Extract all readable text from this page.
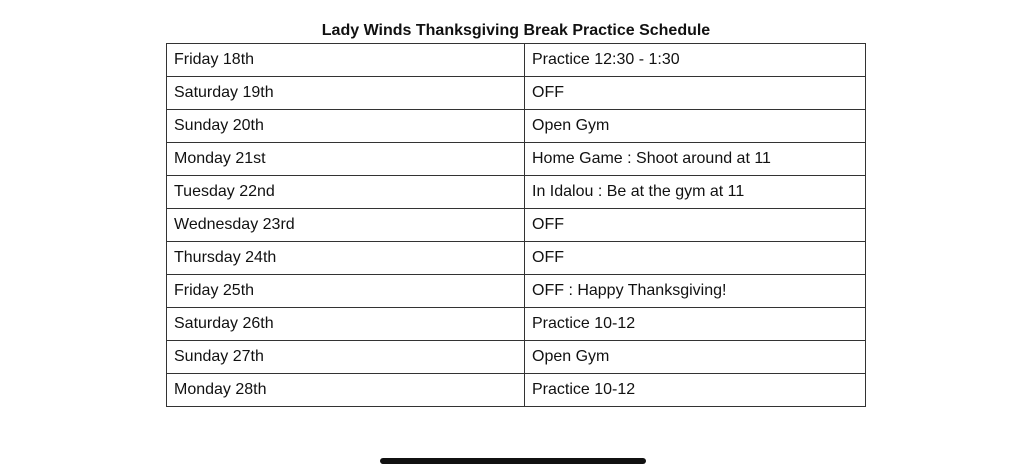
Lady Winds Thanksgiving Break Practice Schedule
Friday 18th	Practice 12:30 - 1:30
Saturday 19th	OFF
Sunday 20th	Open Gym
Monday 21st	Home Game : Shoot around at 11
Tuesday 22nd	In Idalou : Be at the gym at 11
Wednesday 23rd	OFF
Thursday 24th	OFF
Friday 25th	OFF : Happy Thanksgiving!
Saturday 26th	Practice 10-12
Sunday 27th	Open Gym
Monday 28th	Practice 10-12
